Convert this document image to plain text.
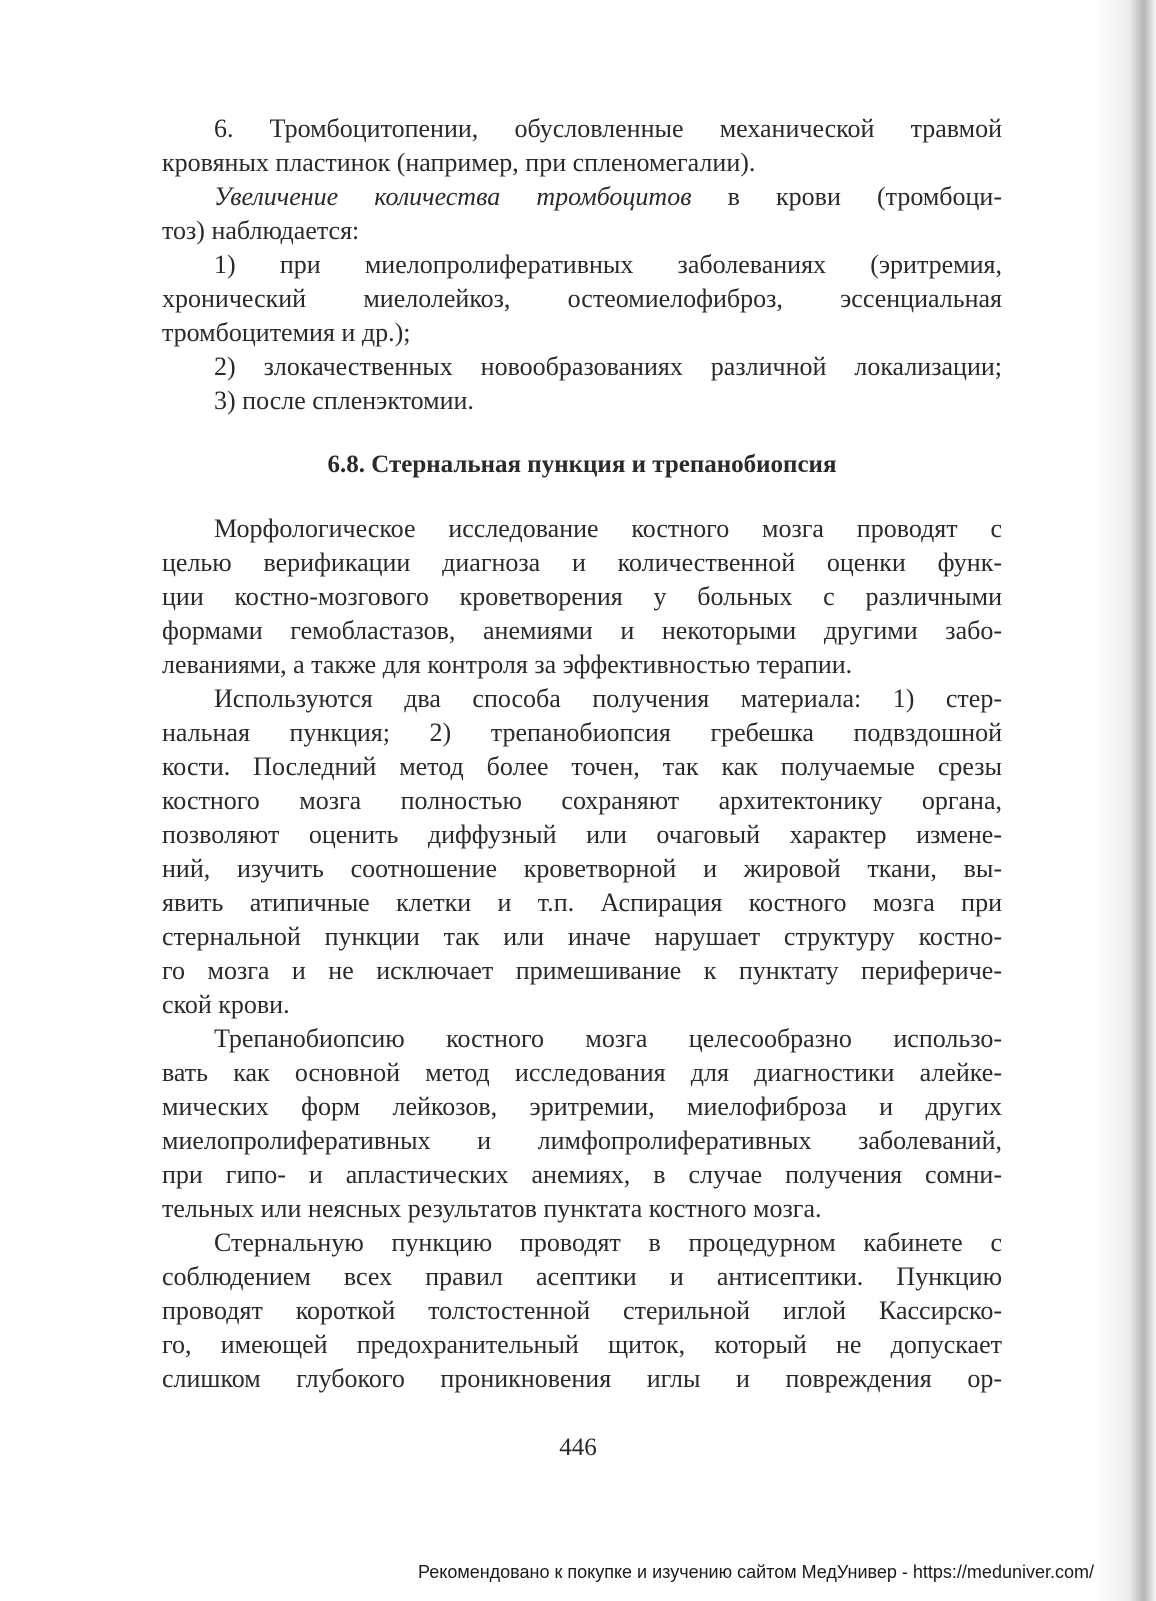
6. Тромбоцитопении, обусловленные механической травмой
кровяных пластинок (например, при спленомегалии).
Увеличение количества тромбоцитов в крови (тромбоци-
тоз) наблюдается:
1) при миелопролиферативных заболеваниях (эритремия,
хронический миелолейкоз, остеомиелофиброз, эссенциальная
тромбоцитемия и др.);
2) злокачественных новообразованиях различной локализации;
3) после спленэктомии.
6.8. Стернальная пункция и трепанобиопсия
Морфологическое исследование костного мозга проводят с
целью верификации диагноза и количественной оценки функ-
ции костно-мозгового кроветворения у больных с различными
формами гемобластазов, анемиями и некоторыми другими забо-
леваниями, а также для контроля за эффективностью терапии.
Используются два способа получения материала: 1) стер-
нальная пункция; 2) трепанобиопсия гребешка подвздошной
кости. Последний метод более точен, так как получаемые срезы
костного мозга полностью сохраняют архитектонику органа,
позволяют оценить диффузный или очаговый характер измене-
ний, изучить соотношение кроветворной и жировой ткани, вы-
явить атипичные клетки и т.п. Аспирация костного мозга при
стернальной пункции так или иначе нарушает структуру костно-
го мозга и не исключает примешивание к пунктату перифериче-
ской крови.
Трепанобиопсию костного мозга целесообразно использо-
вать как основной метод исследования для диагностики алейке-
мических форм лейкозов, эритремии, миелофиброза и других
миелопролиферативных и лимфопролиферативных заболеваний,
при гипо- и апластических анемиях, в случае получения сомни-
тельных или неясных результатов пунктата костного мозга.
Стернальную пункцию проводят в процедурном кабинете с
соблюдением всех правил асептики и антисептики. Пункцию
проводят короткой толстостенной стерильной иглой Кассирско-
го, имеющей предохранительный щиток, который не допускает
слишком глубокого проникновения иглы и повреждения ор-
446
Рекомендовано к покупке и изучению сайтом МедУнивер - https://meduniver.com/
